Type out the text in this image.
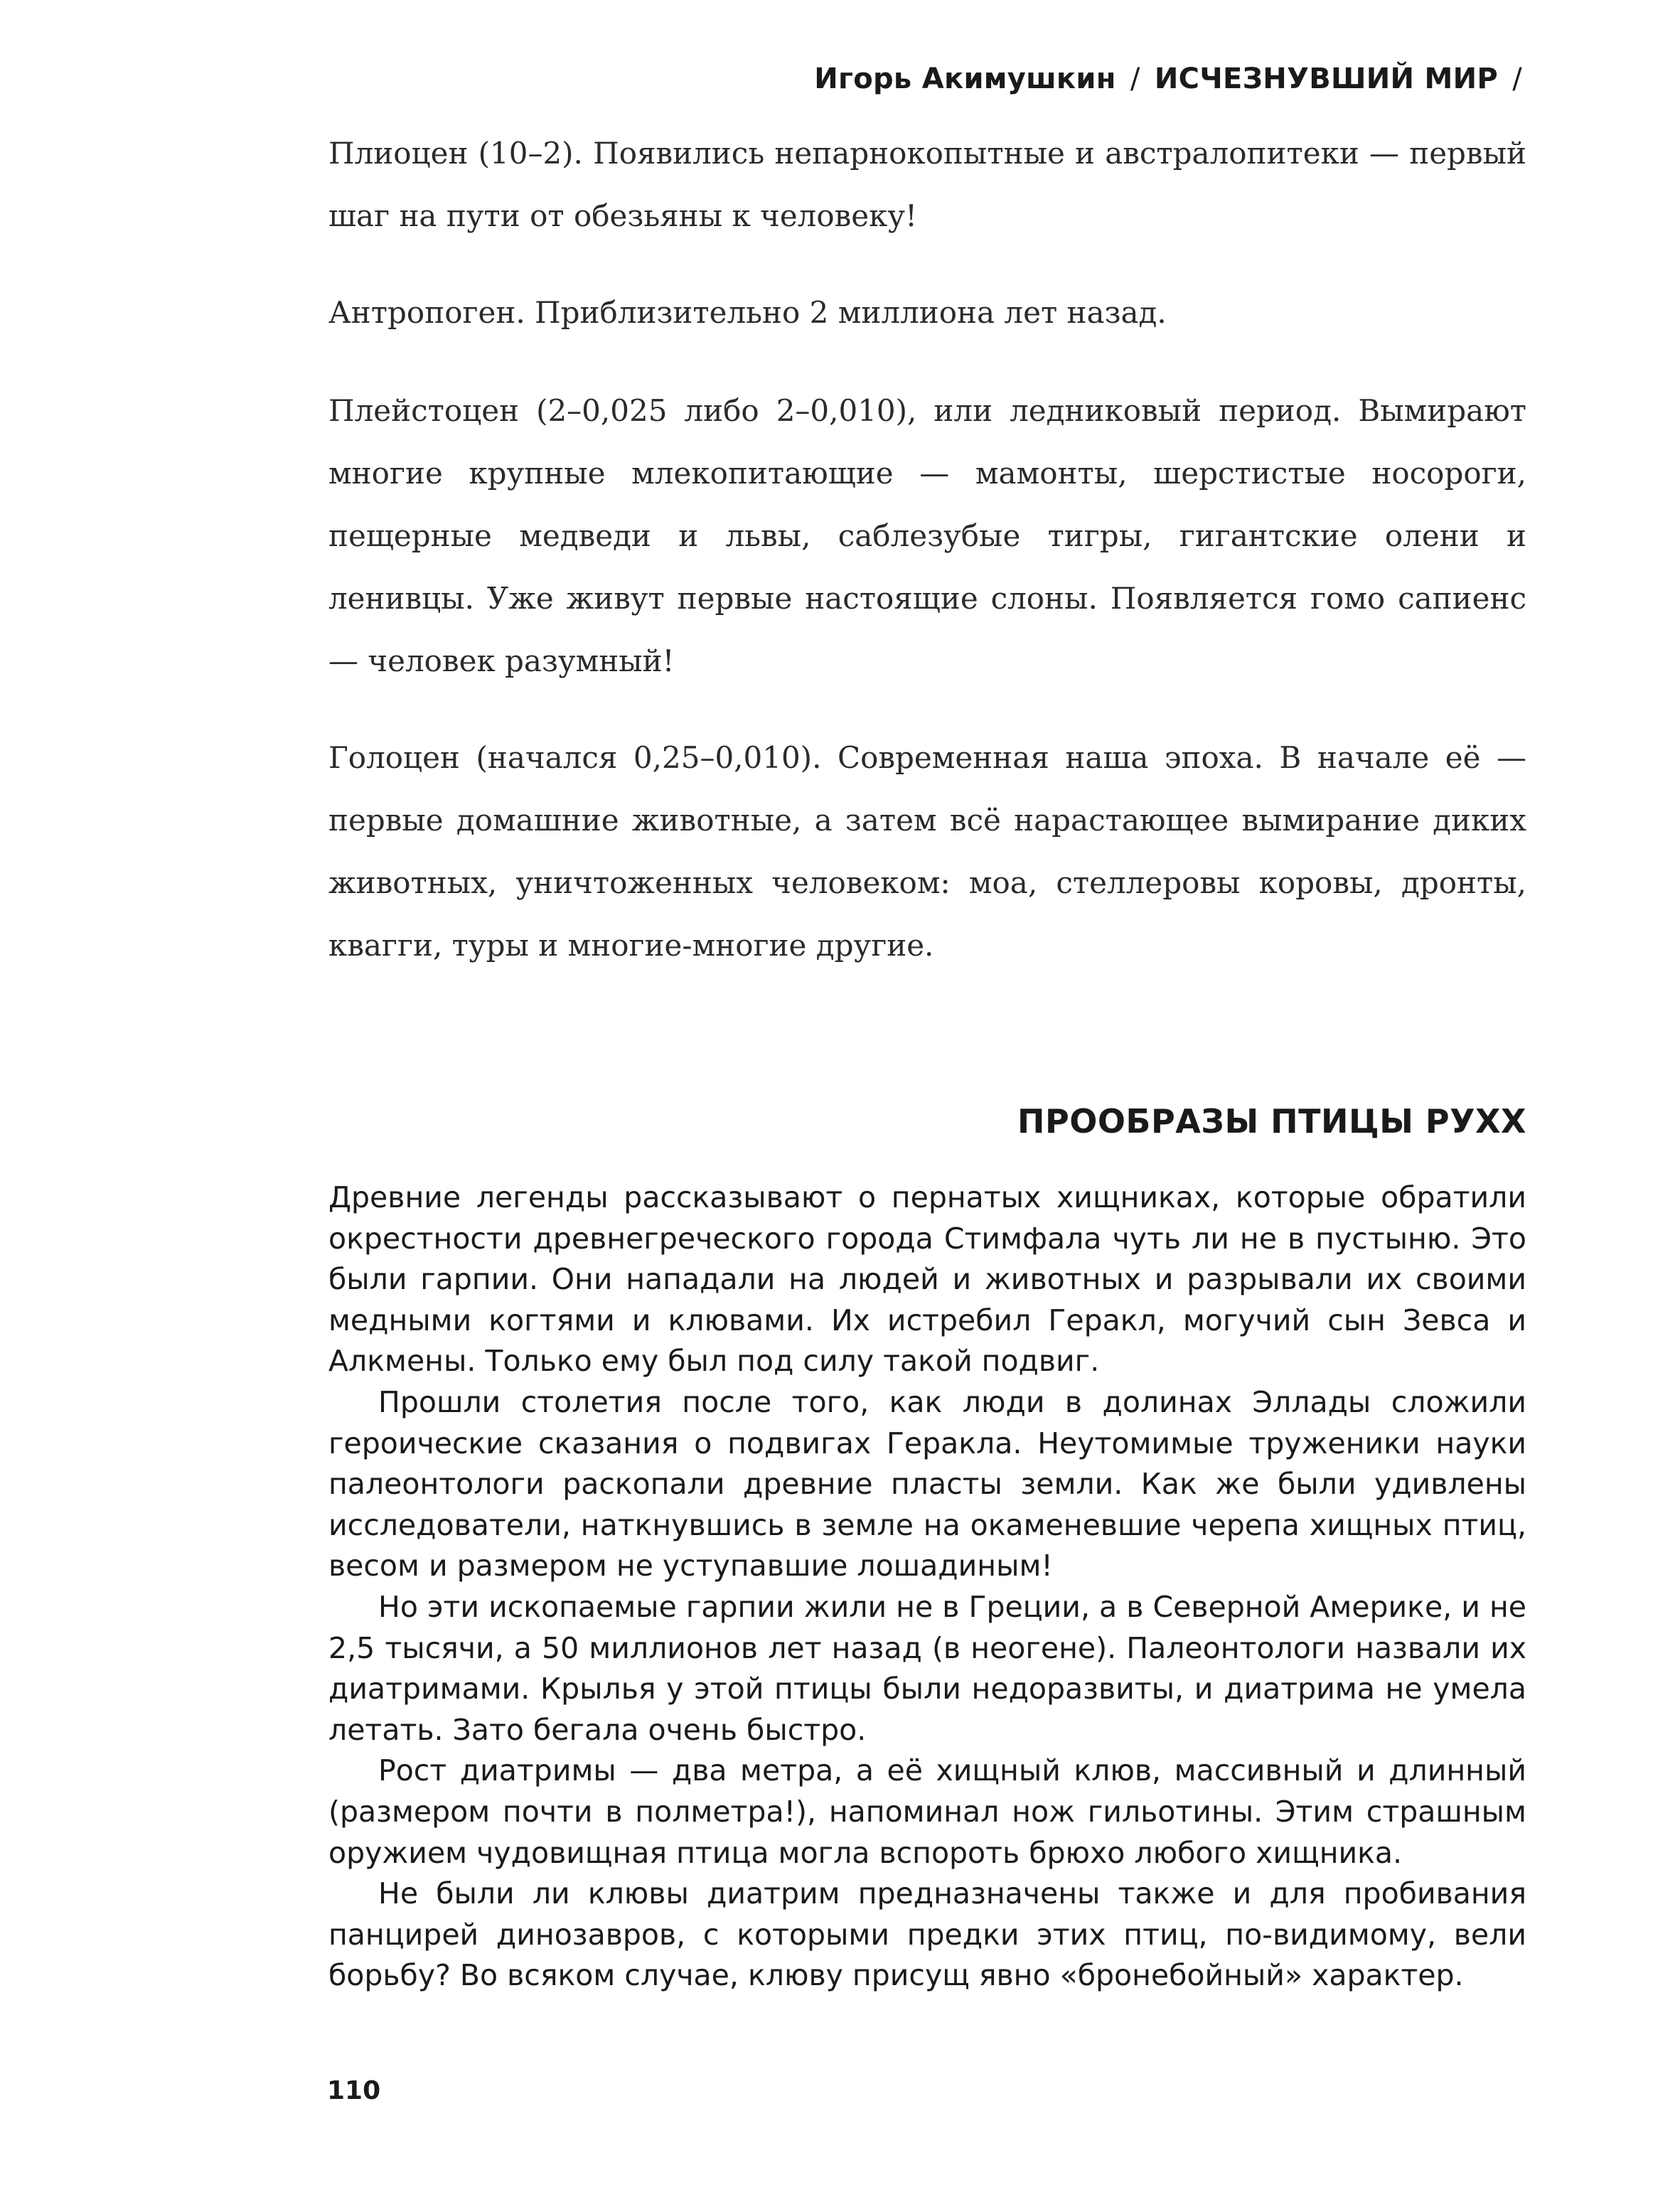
Игорь Акимушкин / ИСЧЕЗНУВШИЙ МИР /

Плиоцен (10–2). Появились непарнокопытные и австралопитеки — первый шаг на пути от обезьяны к человеку!

Антропоген. Приблизительно 2 миллиона лет назад.

Плейстоцен (2–0,025 либо 2–0,010), или ледниковый период. Вымирают многие крупные млекопитающие — мамонты, шерстистые носороги, пещерные медведи и львы, саблезубые тигры, гигантские олени и ленивцы. Уже живут первые настоящие слоны. Появляется гомо сапиенс — человек разумный!

Голоцен (начался 0,25–0,010). Современная наша эпоха. В начале её — первые домашние животные, а затем всё нарастающее вымирание диких животных, уничтоженных человеком: моа, стеллеровы коровы, дронты, квагги, туры и многие-многие другие.

ПРООБРАЗЫ ПТИЦЫ РУХХ

Древние легенды рассказывают о пернатых хищниках, которые обратили окрестности древнегреческого города Стимфала чуть ли не в пустыню. Это были гарпии. Они нападали на людей и животных и разрывали их своими медными когтями и клювами. Их истребил Геракл, могучий сын Зевса и Алкмены. Только ему был под силу такой подвиг.

Прошли столетия после того, как люди в долинах Эллады сложили героические сказания о подвигах Геракла. Неутомимые труженики науки палеонтологи раскопали древние пласты земли. Как же были удивлены исследователи, наткнувшись в земле на окаменевшие черепа хищных птиц, весом и размером не уступавшие лошадиным!

Но эти ископаемые гарпии жили не в Греции, а в Северной Америке, и не 2,5 тысячи, а 50 миллионов лет назад (в неогене). Палеонтологи назвали их диатримами. Крылья у этой птицы были недоразвиты, и диатрима не умела летать. Зато бегала очень быстро.

Рост диатримы — два метра, а её хищный клюв, массивный и длинный (размером почти в полметра!), напоминал нож гильотины. Этим страшным оружием чудовищная птица могла вспороть брюхо любого хищника.

Не были ли клювы диатрим предназначены также и для пробивания панцирей динозавров, с которыми предки этих птиц, по-видимому, вели борьбу? Во всяком случае, клюву присущ явно «бронебойный» характер.

110
